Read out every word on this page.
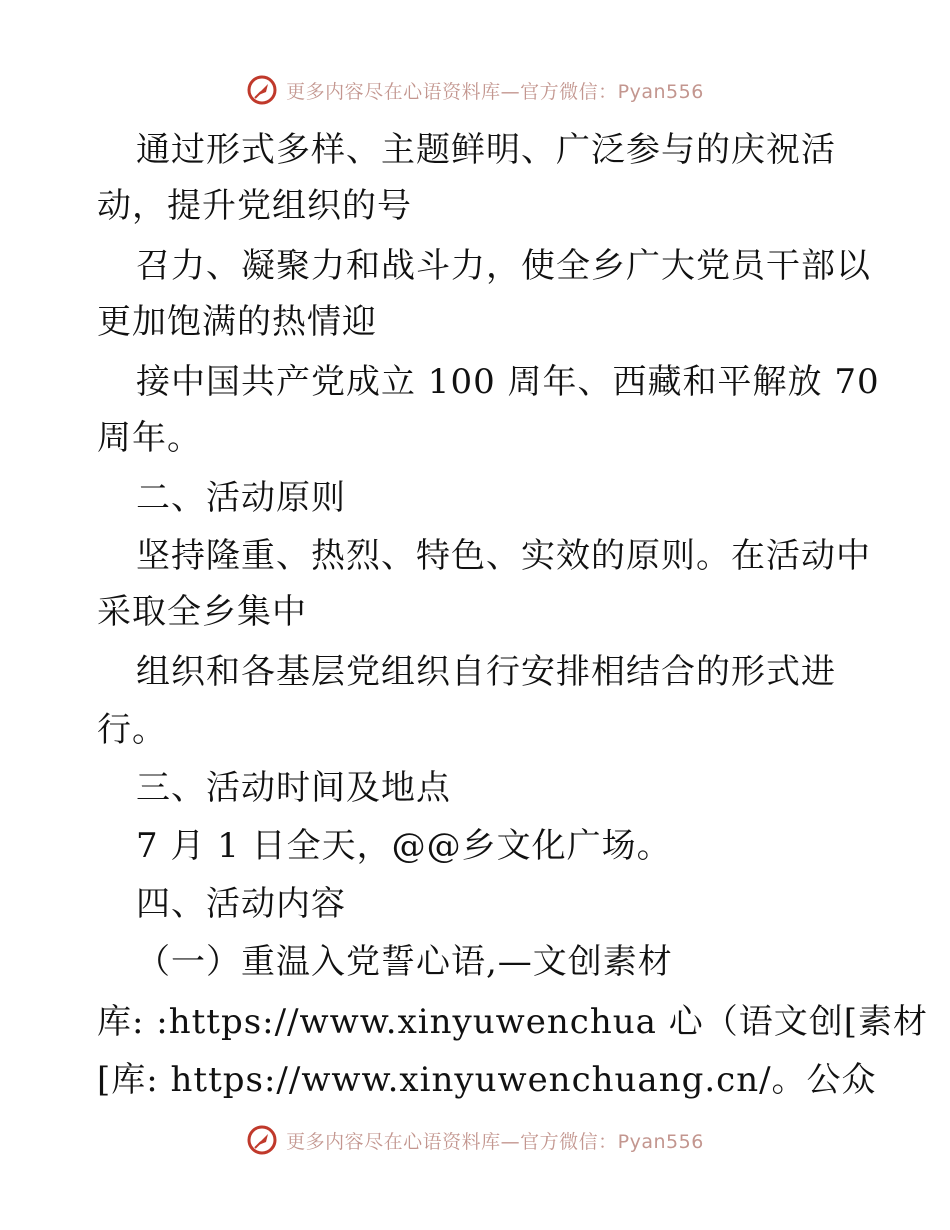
更多内容尽在心语资料库—官方微信：Pyan556
通过形式多样、主题鲜明、广泛参与的庆祝活
动，提升党组织的号
召力、凝聚力和战斗力，使全乡广大党员干部以
更加饱满的热情迎
接中国共产党成立 100 周年、西藏和平解放 70
周年。
二、活动原则
坚持隆重、热烈、特色、实效的原则。在活动中
采取全乡集中
组织和各基层党组织自行安排相结合的形式进
行。
三、活动时间及地点
7 月 1 日全天，@@乡文化广场。
四、活动内容
（一）重温入党誓心语,—文创素材
库: :https://www.xinyuwenchua 心（语文创[素材
[库: https://www.xinyuwenchuang.cn/。公众
更多内容尽在心语资料库—官方微信：Pyan556
